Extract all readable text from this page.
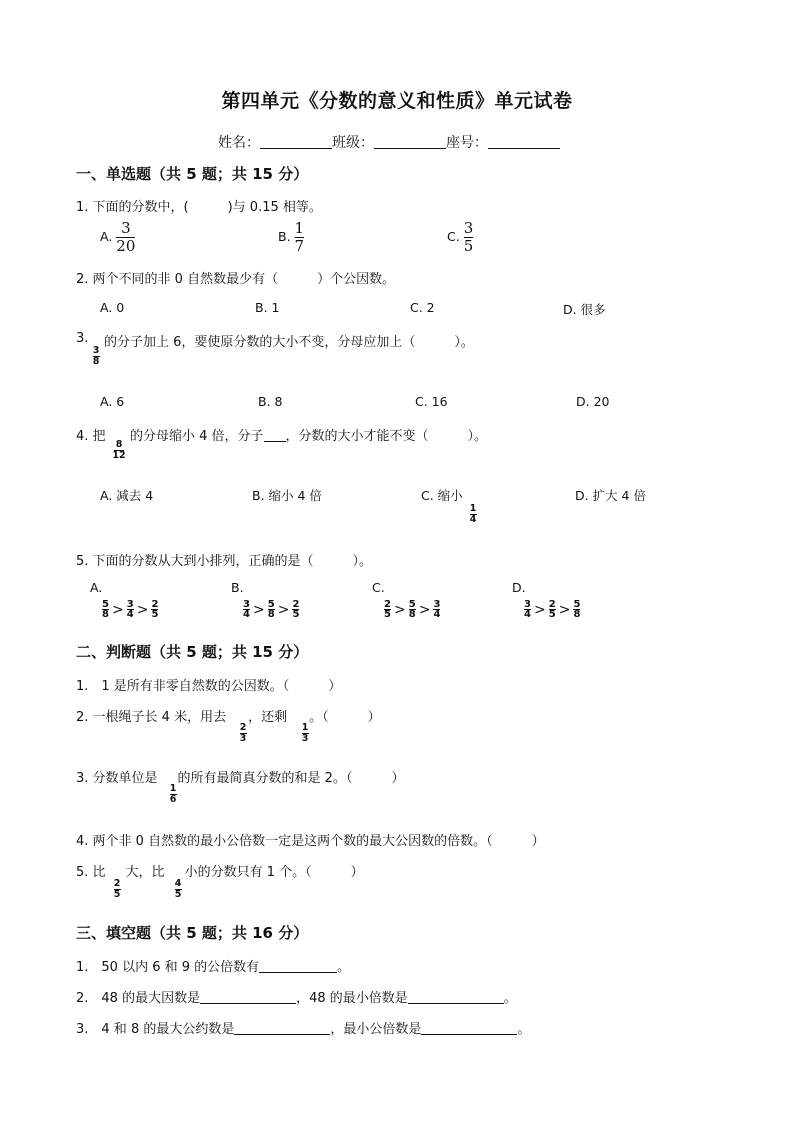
第四单元《分数的意义和性质》单元试卷
姓名：	班级：	座号：
一、单选题（共 5 题；共 15 分）
1. 下面的分数中，(　　　)与 0.15 相等。
A. $\frac{3}{20}$	B. $\frac{1}{7}$	C. $\frac{3}{5}$
2. 两个不同的非 0 自然数最少有（　　　）个公因数。
A. 0	B. 1	C. 2	D. 很多
3.
3
8
的分子加上 6，要使原分数的大小不变，分母应加上（　　　）。
A. 6	B. 8	C. 16	D. 20
4. 把
8
12
的分母缩小 4 倍，分子 ，分数的大小才能不变（　　　）。
A. 减去 4	B. 缩小 4 倍	C. 缩小
1
4
D. 扩大 4 倍
5. 下面的分数从大到小排列，正确的是（　　　）。
A.
5
8 > 3
4 > 2
5
B.
3
4 > 5
8 > 2
5
C.
2
5 > 5
8 > 3
4
D.
3
4 > 2
5 > 5
8
二、判断题（共 5 题；共 15 分）
1.　1 是所有非零自然数的公因数。（　　　）
2. 一根绳子长 4 米，用去 ，还剩 。（　　　）
2
3
1
3
3. 分数单位是 的所有最简真分数的和是 2。（　　　）
1
6
4. 两个非 0 自然数的最小公倍数一定是这两个数的最大公因数的倍数。（　　　）
5. 比 大，比 小的分数只有 1 个。（　　　）
2
5
4
5
三、填空题（共 5 题；共 16 分）
1.　50 以内 6 和 9 的公倍数有	。
2.　48 的最大因数是	，48 的最小倍数是	。
3.　4 和 8 的最大公约数是	，最小公倍数是	。
